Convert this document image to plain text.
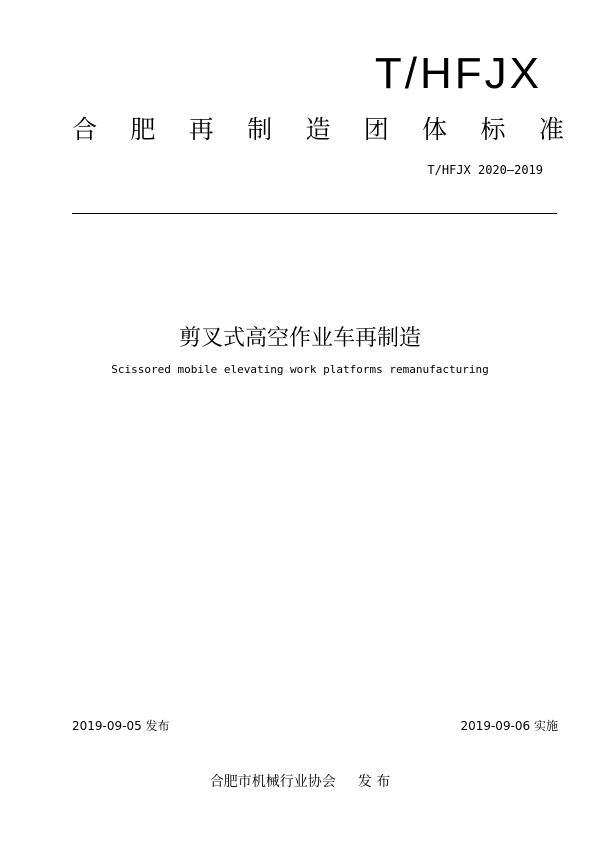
T/HFJX
合 肥 再 制 造 团 体 标 准
T/HFJX 2020—2019
剪叉式高空作业车再制造
Scissored mobile elevating work platforms remanufacturing
2019-09-05 发布	2019-09-06 实施
合肥市机械行业协会 发 布
